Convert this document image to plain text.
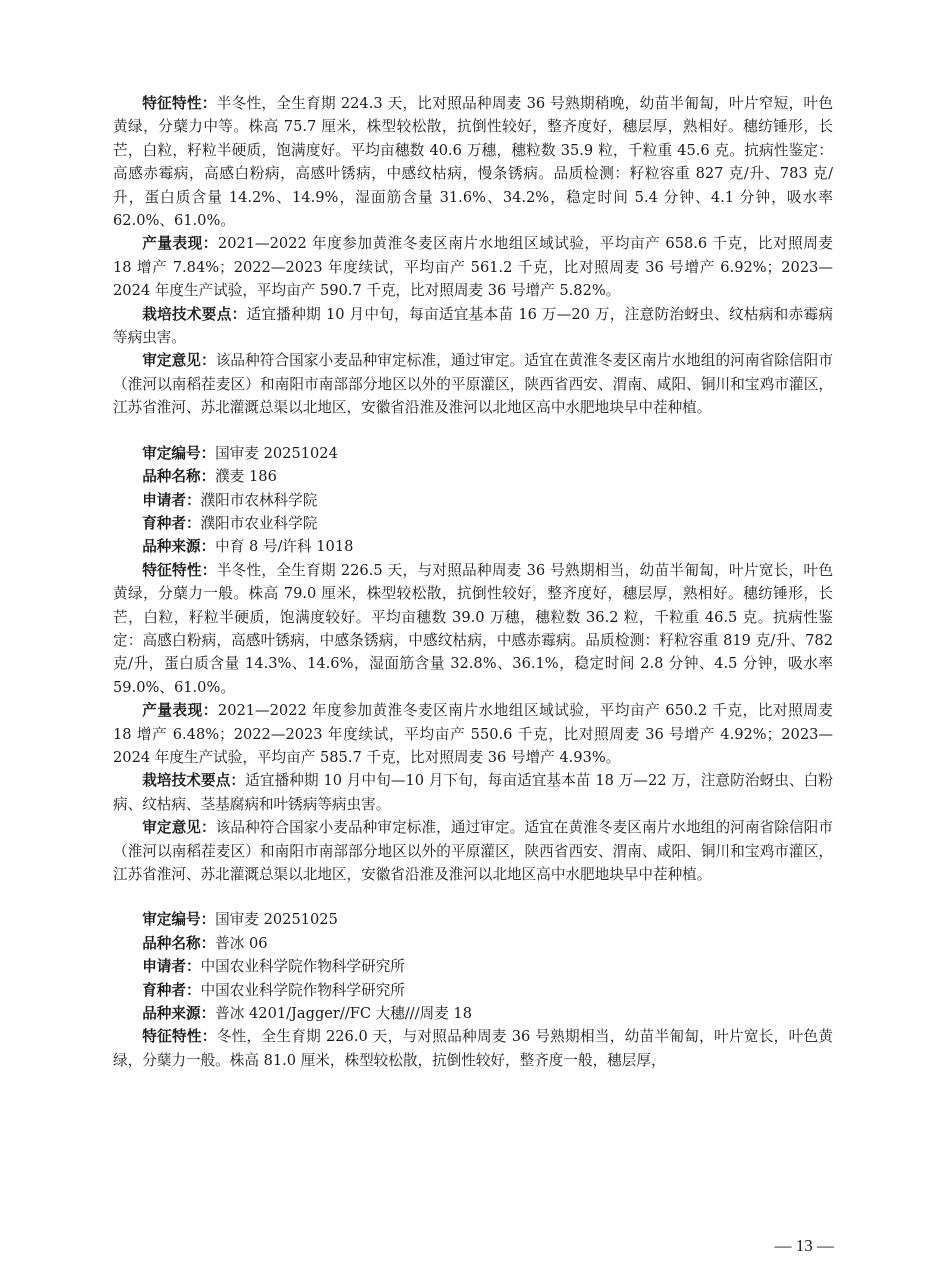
特征特性：半冬性，全生育期 224.3 天，比对照品种周麦 36 号熟期稍晚，幼苗半匍匐，叶片窄短，叶色黄绿，分蘖力中等。株高 75.7 厘米，株型较松散，抗倒性较好，整齐度好，穗层厚，熟相好。穗纺锤形，长芒，白粒，籽粒半硬质，饱满度好。平均亩穗数 40.6 万穗，穗粒数 35.9 粒，千粒重 45.6 克。抗病性鉴定：高感赤霉病，高感白粉病，高感叶锈病，中感纹枯病，慢条锈病。品质检测：籽粒容重 827 克/升、783 克/升，蛋白质含量 14.2%、14.9%，湿面筋含量 31.6%、34.2%，稳定时间 5.4 分钟、4.1 分钟，吸水率 62.0%、61.0%。

产量表现：2021—2022 年度参加黄淮冬麦区南片水地组区域试验，平均亩产 658.6 千克，比对照周麦 18 增产 7.84%；2022—2023 年度续试，平均亩产 561.2 千克，比对照周麦 36 号增产 6.92%；2023—2024 年度生产试验，平均亩产 590.7 千克，比对照周麦 36 号增产 5.82%。

栽培技术要点：适宜播种期 10 月中旬，每亩适宜基本苗 16 万—20 万，注意防治蚜虫、纹枯病和赤霉病等病虫害。

审定意见：该品种符合国家小麦品种审定标准，通过审定。适宜在黄淮冬麦区南片水地组的河南省除信阳市（淮河以南稻茬麦区）和南阳市南部部分地区以外的平原灌区，陕西省西安、渭南、咸阳、铜川和宝鸡市灌区，江苏省淮河、苏北灌溉总渠以北地区，安徽省沿淮及淮河以北地区高中水肥地块早中茬种植。

审定编号：国审麦 20251024

品种名称：濮麦 186

申请者：濮阳市农林科学院

育种者：濮阳市农业科学院

品种来源：中育 8 号/许科 1018

特征特性：半冬性，全生育期 226.5 天，与对照品种周麦 36 号熟期相当，幼苗半匍匐，叶片宽长，叶色黄绿，分蘖力一般。株高 79.0 厘米，株型较松散，抗倒性较好，整齐度好，穗层厚，熟相好。穗纺锤形，长芒，白粒，籽粒半硬质，饱满度较好。平均亩穗数 39.0 万穗，穗粒数 36.2 粒，千粒重 46.5 克。抗病性鉴定：高感白粉病，高感叶锈病，中感条锈病，中感纹枯病，中感赤霉病。品质检测：籽粒容重 819 克/升、782 克/升，蛋白质含量 14.3%、14.6%，湿面筋含量 32.8%、36.1%，稳定时间 2.8 分钟、4.5 分钟，吸水率 59.0%、61.0%。

产量表现：2021—2022 年度参加黄淮冬麦区南片水地组区域试验，平均亩产 650.2 千克，比对照周麦 18 增产 6.48%；2022—2023 年度续试，平均亩产 550.6 千克，比对照周麦 36 号增产 4.92%；2023—2024 年度生产试验，平均亩产 585.7 千克，比对照周麦 36 号增产 4.93%。

栽培技术要点：适宜播种期 10 月中旬—10 月下旬，每亩适宜基本苗 18 万—22 万，注意防治蚜虫、白粉病、纹枯病、茎基腐病和叶锈病等病虫害。

审定意见：该品种符合国家小麦品种审定标准，通过审定。适宜在黄淮冬麦区南片水地组的河南省除信阳市（淮河以南稻茬麦区）和南阳市南部部分地区以外的平原灌区，陕西省西安、渭南、咸阳、铜川和宝鸡市灌区，江苏省淮河、苏北灌溉总渠以北地区，安徽省沿淮及淮河以北地区高中水肥地块早中茬种植。

审定编号：国审麦 20251025

品种名称：普冰 06

申请者：中国农业科学院作物科学研究所

育种者：中国农业科学院作物科学研究所

品种来源：普冰 4201/Jagger//FC 大穗///周麦 18

特征特性：冬性，全生育期 226.0 天，与对照品种周麦 36 号熟期相当，幼苗半匍匐，叶片宽长，叶色黄绿，分蘖力一般。株高 81.0 厘米，株型较松散，抗倒性较好，整齐度一般，穗层厚，

— 13 —
